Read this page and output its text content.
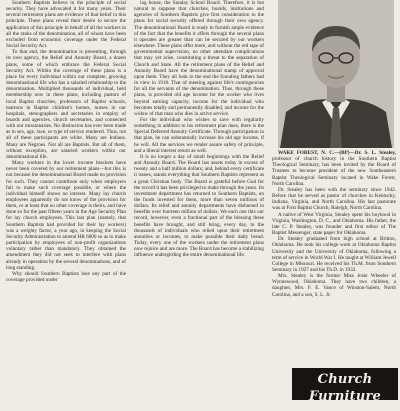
Southern Baptists believe in the principle of social security. They have advocated it for many years. Their several retirement plans are evidence of that belief in this principle. These plans reveal their desire to secure the application of this principle in behalf of all the workers in all the ranks of the denomination, all of whom have been excluded from economic coverage under the Federal Social Security Act.

To that end, the denomination is presenting, through its own agency, the Relief and Annuity Board, a dozen plans, some of which embrace the Federal Social Security Act. Within the coverage of these plans is a place for every individual within our complete, growing denominational life who has a salaried relationship to the denomination. Multiplied thousands of individual, held membership now in these plans, including pastors of local Baptist churches, professors of Baptist schools, matrons in Baptist children's homes, nurses in our hospitals, stenographers and secretaries in employ of boards and agencies, church secretaries, and connected with our missionaries. No distinction has ever been made as to sex, age, race, or type of service rendered. Thus, not all of these participants are white. Many are Indians. Many are Negroes. Not all are Baptists. But all of them, without exception, are salaried workers within our denominational life.

Many workers in the lower income brackets have never been covered by our retirement plans—but this is not because the denominational Board made no provision for such. They cannot contribute only when employers fail to make such coverage possible, or where the individual himself shows no interest. Many lay church employees apparently do not know of the provision for them, or at least that no other coverage is theirs, and have done so for the past fifteen years in the Age Security Plan for lay church employees. This last plan (namely, that Southern Baptists had provided for their lay workers) was a weighty factor, a year ago, in keeping the Social Security Administration to amend HR 6000 so as to make participation by employees of non-profit organizations voluntary rather than mandatory. They obtained the amendment they did not seek to interfere with plans already in operation by the several denominations, and of long standing.

Why should Southern Baptists lose any part of the coverage provided under

ing house, the Sunday School Board. Therefore, it is but natural to suppose that churches, boards, institutions and agencies of Southern Baptists give first consideration to the plans for social security offered through their own agency. The denominational Board is ready to furnish ample evidence of the fact that the benefits it offers through the several plans it operates are greater than can be secured by our workers elsewhere. These plans offer more, and without the red tape of governmental supervision, no other attendant complications that may yet arise, constituting a threat to the separation of Church and State. All the retirement plans of the Relief and Annuity Board have the denominational stamp of approval upon them. They all look to the end the founding fathers had in view in 1918. That of meeting against life's contingencies for all the servants of the denomination. Thus, through these plans, is provided old age income for the worker who lives beyond earning capacity, income for the individual who becomes totally and permanently disabled, and income for the widow of that man who dies in active service.

For the individual who wishes to save with regularity something in addition to his retirement plan dues, there is the Special Deferred Annuity Certificate. Through participation in that plan, he can substantially increase his old age income, if he will. All the services we render assure safety of principle, and a liberal interest return as well.

It is no longer a day of small beginnings with the Relief and Annuity Board. The Board has assets today in excess of twenty and a half million dollars; and, behind every certificate it issues, stands everything that Southern Baptists represent as a great Christian body. The Board is grateful before God for the record it has been privileged to make through the years. Its investment department has returned to Southern Baptists, on the funds invested for them, more than seven millions of dollars. Its relief and annuity departments have disbursed in benefits over fourteen million of dollars. We each one this our record, however, even a fractional part of the blessing these benefits have brought, and still bring, every day, to the thousands of individuals who relied upon their retirement annuities or incomes, to make possible their daily bread. Today, every one of the workers under the retirement plans now rejoice and are more. The Board has become a stabilizing influence undergirding the entire denominational life.

WAKE FOREST, N. C.—(BP)—Dr. S. L. Stealey, professor of church history in the Southern Baptist Theological Seminary, has been invited by the Board of Trustees to become president of the new Southeastern Baptist Theological Seminary located in Wake Forest, North Carolina.

Dr. Stealey has been with the seminary since 1942. Before that he served as pastor of churches in Kentucky, Indiana, Virginia, and North Carolina. His last pastorate was at First Baptist Church, Raleigh, North Carolina.

A native of West Virginia, Stealey spent his boyhood in Virginia, Washington, D. C., and Oklahoma. His father, the late C. P. Stealey, was founder and first editor of The Baptist Messenger, state paper for Oklahoma.

Dr. Stealey graduated from high school at Britton, Oklahoma. He took his college work at Oklahoma Baptist University and the University of Oklahoma, following a term of service in World War I. He taught at William Jewell College in Missouri. He received his Th.M. from Southern Seminary in 1927 and his Th.D. in 1932.

Mrs. Stealey is the former Miss Josie Wheeler of Wynnewood, Oklahoma. They have two children, a daughter, Mrs. F. E. Vance of Winston-Salem, North Carolina, and a son, S. L. Jr.

Church Furniture
SOUTHERN DESK COMPANY
